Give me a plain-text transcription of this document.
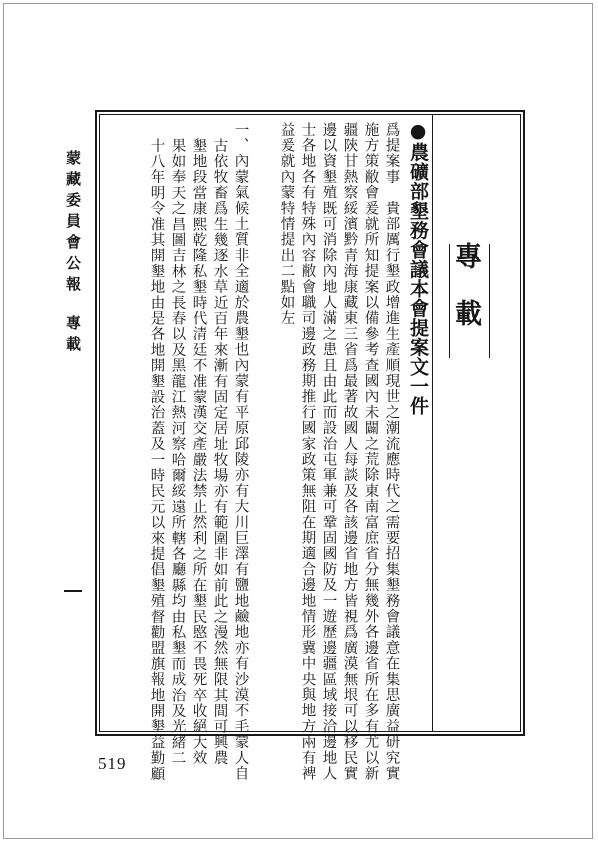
蒙藏委員會公報專載	專載
●農礦部墾務會議本會提案文一件
爲提案事　貴部厲行墾政增進生產順現世之潮流應時代之需要招集墾務會議意在集思廣益研究實
施方策敝會爰就所知提案以備參考查國內未闢之荒除東南富庶省分無幾外各邊省所在多有尤以新
疆陝甘熱察綏濱黔青海康藏東三省爲最著故國人每談及各該邊省地方皆視爲廣漠無垠可以移民實
邊以資墾殖既可消除內地人滿之患且由此而設治屯軍兼可鞏固國防及一遊歷邊疆區域接洽邊地人
士各地各有特殊內容敝會職司邊政務期推行國家政策無阻在期適合邊地情形冀中央與地方兩有裨
益爰就內蒙特情提出二點如左
一、內蒙氣候土質非全適於農墾也內蒙有平原邱陵亦有大川巨澤有鹽地鹼地亦有沙漠不毛蒙人自
古依牧畜爲生幾逐水草近百年來漸有固定居址牧場亦有範圍非如前此之漫然無限其間可興農
墾地段當康熙乾隆私墾時代清廷不准蒙漢交產嚴法禁止然利之所在墾民愍不畏死卒收絕大效
果如奉天之昌圖吉林之長春以及黑龍江熱河察哈爾綏遠所轄各廳縣均由私墾而成治及光緒二
十八年明令准其開墾地由是各地開墾設治蓋及一時民元以來提倡墾殖督勸盟旗報地開墾益勤顧
519
